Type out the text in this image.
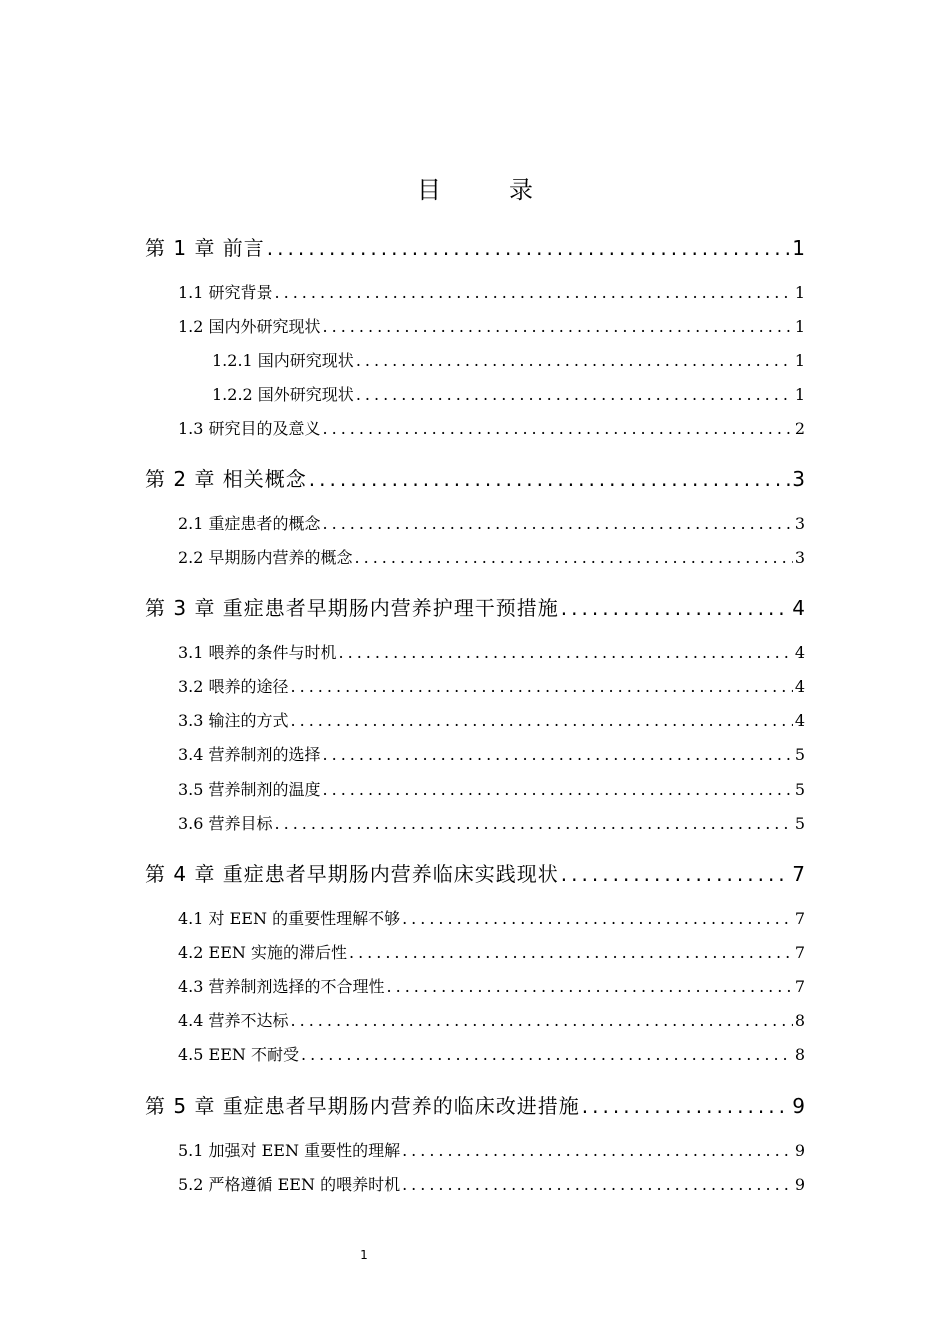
目　录
第 1 章 前言 .....	1
1.1 研究背景 .....	1
1.2 国内外研究现状 .....	1
1.2.1 国内研究现状 .....	1
1.2.2 国外研究现状 .....	1
1.3 研究目的及意义 .....	2
第 2 章 相关概念 .....	3
2.1 重症患者的概念 .....	3
2.2 早期肠内营养的概念 .....	3
第 3 章 重症患者早期肠内营养护理干预措施 .....	4
3.1 喂养的条件与时机 .....	4
3.2 喂养的途径 .....	4
3.3 输注的方式 .....	4
3.4 营养制剂的选择 .....	5
3.5 营养制剂的温度 .....	5
3.6 营养目标 .....	5
第 4 章 重症患者早期肠内营养临床实践现状 .....	7
4.1 对 EEN 的重要性理解不够 .....	7
4.2 EEN 实施的滞后性 .....	7
4.3 营养制剂选择的不合理性 .....	7
4.4 营养不达标 .....	8
4.5 EEN 不耐受 .....	8
第 5 章 重症患者早期肠内营养的临床改进措施 .....	9
5.1 加强对 EEN 重要性的理解 .....	9
5.2 严格遵循 EEN 的喂养时机 .....	9
1
